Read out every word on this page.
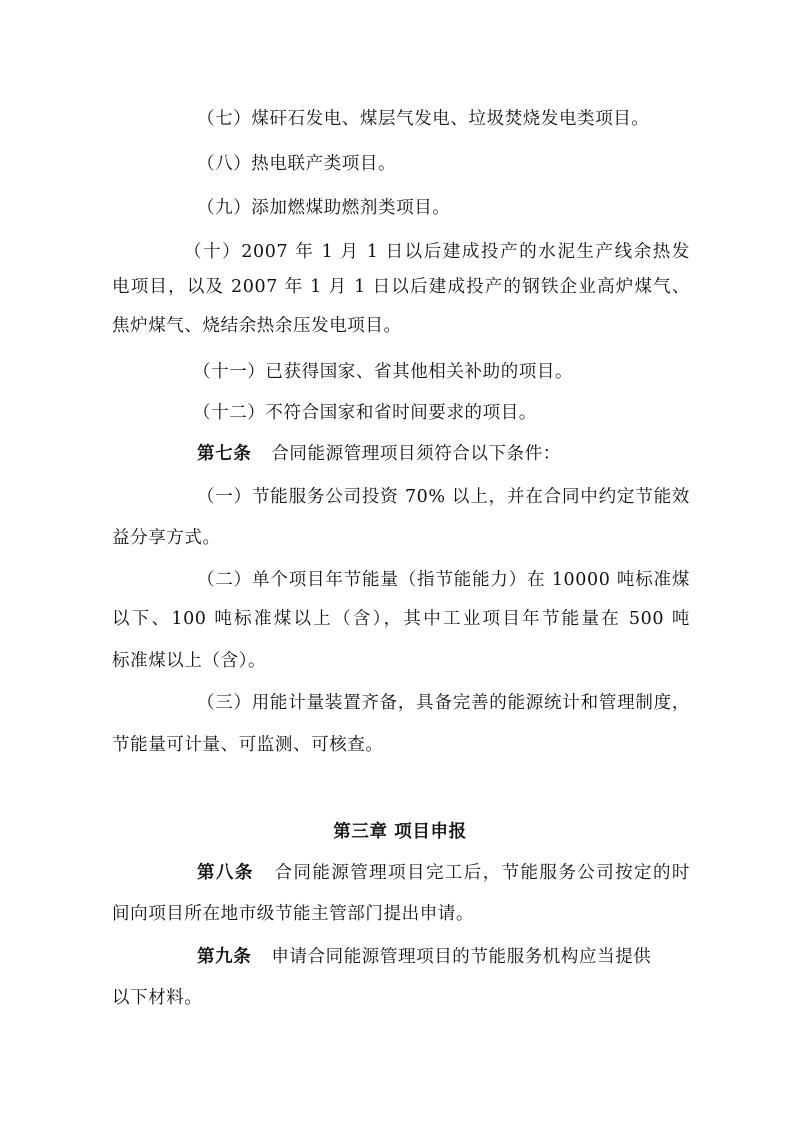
（七）煤矸石发电、煤层气发电、垃圾焚烧发电类项目。
（八）热电联产类项目。
（九）添加燃煤助燃剂类项目。
（十）2007 年 1 月 1 日以后建成投产的水泥生产线余热发
电项目，以及 2007 年 1 月 1 日以后建成投产的钢铁企业高炉煤气、
焦炉煤气、烧结余热余压发电项目。
（十一）已获得国家、省其他相关补助的项目。
（十二）不符合国家和省时间要求的项目。
第七条 合同能源管理项目须符合以下条件：
（一）节能服务公司投资 70% 以上，并在合同中约定节能效
益分享方式。
（二）单个项目年节能量（指节能能力）在 10000 吨标准煤
以下、100 吨标准煤以上（含），其中工业项目年节能量在 500 吨
标准煤以上（含）。
（三）用能计量装置齐备，具备完善的能源统计和管理制度，
节能量可计量、可监测、可核查。
第三章 项目申报
第八条 合同能源管理项目完工后，节能服务公司按定的时
间向项目所在地市级节能主管部门提出申请。
第九条 申请合同能源管理项目的节能服务机构应当提供
以下材料。
